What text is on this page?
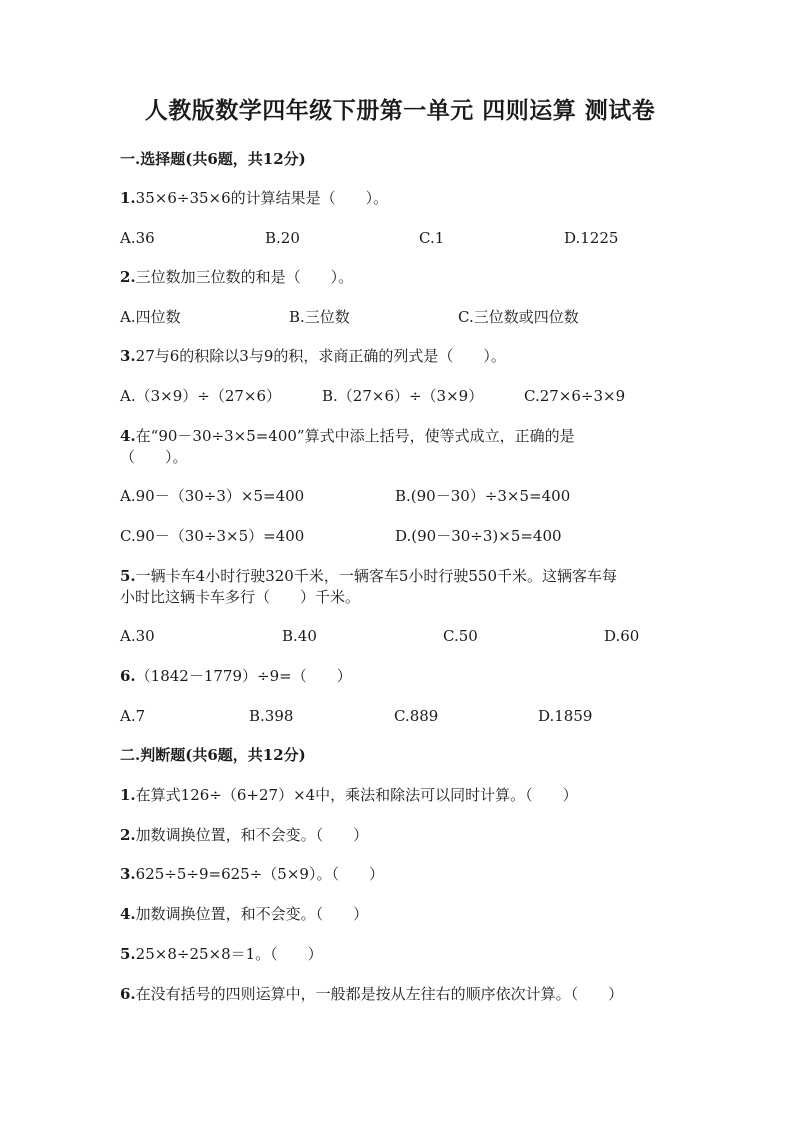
人教版数学四年级下册第一单元 四则运算 测试卷
一.选择题(共6题，共12分)
1.35×6÷35×6的计算结果是（　　）。
A.36	B.20	C.1	D.1225
2.三位数加三位数的和是（　　）。
A.四位数	B.三位数	C.三位数或四位数
3.27与6的积除以3与9的积，求商正确的列式是（　　）。
A.（3×9）÷（27×6）	B.（27×6）÷（3×9）	C.27×6÷3×9
4.在“90－30÷3×5=400”算式中添上括号，使等式成立，正确的是
（　　）。
A.90－（30÷3）×5=400	B.(90－30）÷3×5=400
C.90－（30÷3×5）=400	D.(90－30÷3)×5=400
5.一辆卡车4小时行驶320千米，一辆客车5小时行驶550千米。这辆客车每
小时比这辆卡车多行（　　）千米。
A.30	B.40	C.50	D.60
6.（1842－1779）÷9=（　　）
A.7	B.398	C.889	D.1859
二.判断题(共6题，共12分)
1.在算式126÷（6+27）×4中，乘法和除法可以同时计算。（　　）
2.加数调换位置，和不会变。（　　）
3.625÷5÷9=625÷（5×9）。（　　）
4.加数调换位置，和不会变。（　　）
5.25×8÷25×8＝1。（　　）
6.在没有括号的四则运算中，一般都是按从左往右的顺序依次计算。（　　）
